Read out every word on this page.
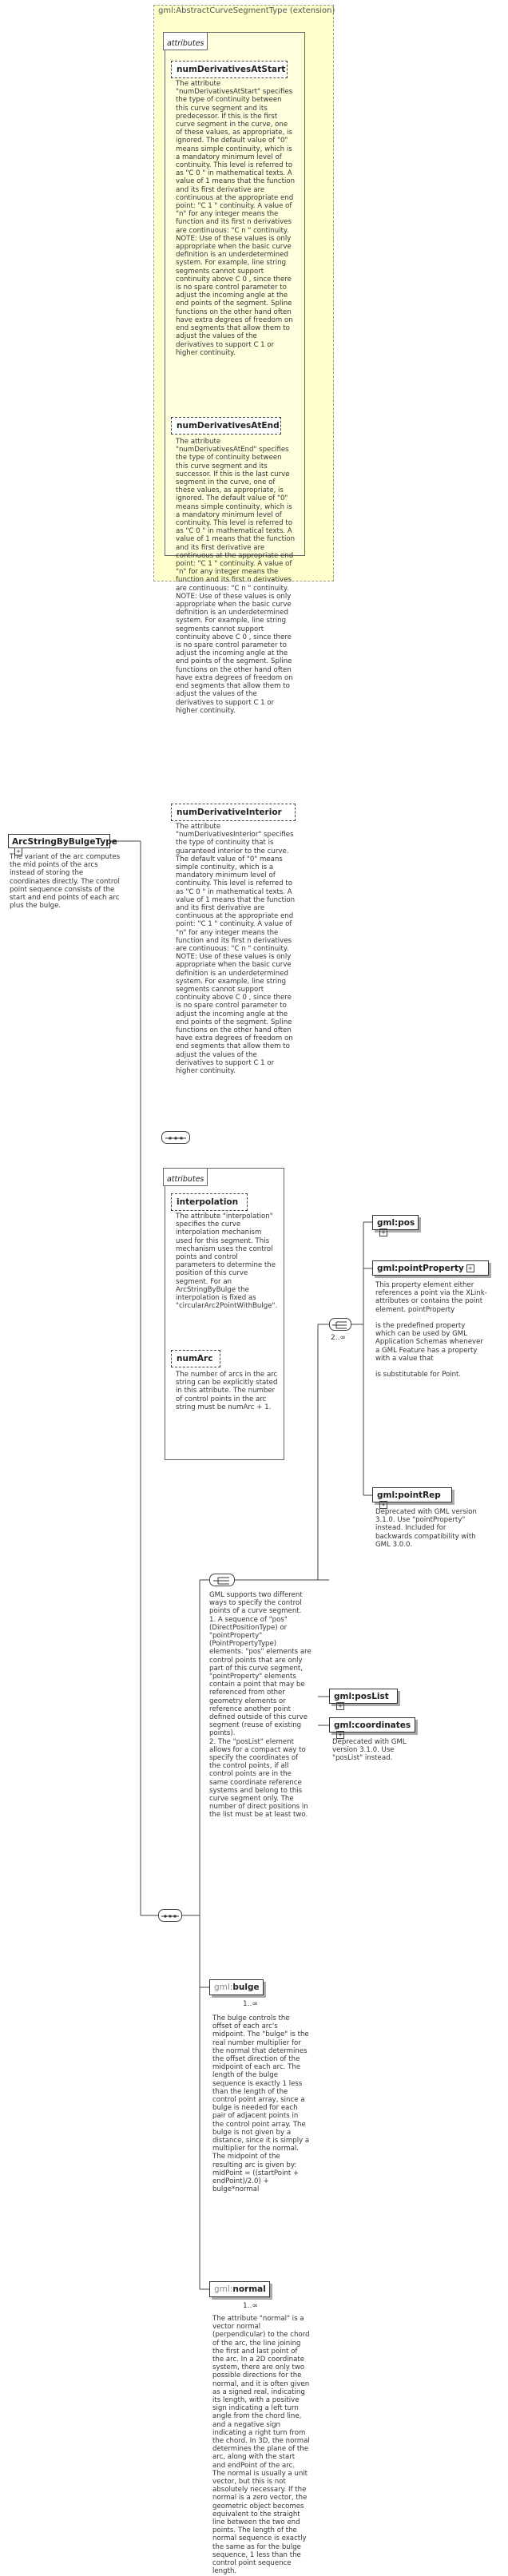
gml:AbstractCurveSegmentType (extension)
attributes
numDerivativesAtStart
The attribute "numDerivativesAtStart" specifies the type of continuity between this curve segment and its predecessor. If this is the first curve segment in the curve, one of these values, as appropriate, is ignored. The default value of "0" means simple continuity, which is a mandatory minimum level of continuity. This level is referred to as "C 0 " in mathematical texts. A value of 1 means that the function and its first derivative are continuous at the appropriate end point: "C 1 " continuity. A value of "n" for any integer means the function and its first n derivatives are continuous: "C n " continuity.
NOTE: Use of these values is only appropriate when the basic curve definition is an underdetermined system. For example, line string segments cannot support continuity above C 0 , since there is no spare control parameter to adjust the incoming angle at the end points of the segment. Spline functions on the other hand often have extra degrees of freedom on end segments that allow them to adjust the values of the derivatives to support C 1 or higher continuity.
numDerivativesAtEnd
The attribute "numDerivativesAtEnd" specifies the type of continuity between this curve segment and its successor. If this is the last curve segment in the curve, one of these values, as appropriate, is ignored. The default value of "0" means simple continuity, which is a mandatory minimum level of continuity. This level is referred to as "C 0 " in mathematical texts. A value of 1 means that the function and its first derivative are continuous at the appropriate end point: "C 1 " continuity. A value of "n" for any integer means the function and its first n derivatives are continuous: "C n " continuity.
NOTE: Use of these values is only appropriate when the basic curve definition is an underdetermined system. For example, line string segments cannot support continuity above C 0 , since there is no spare control parameter to adjust the incoming angle at the end points of the segment. Spline functions on the other hand often have extra degrees of freedom on end segments that allow them to adjust the values of the derivatives to support C 1 or higher continuity.
numDerivativeInterior
The attribute "numDerivativesInterior" specifies the type of continuity that is guaranteed interior to the curve. The default value of "0" means simple continuity, which is a mandatory minimum level of continuity. This level is referred to as "C 0 " in mathematical texts. A value of 1 means that the function and its first derivative are continuous at the appropriate end point: "C 1 " continuity. A value of "n" for any integer means the function and its first n derivatives are continuous: "C n " continuity.
NOTE: Use of these values is only appropriate when the basic curve definition is an underdetermined system. For example, line string segments cannot support continuity above C 0 , since there is no spare control parameter to adjust the incoming angle at the end points of the segment. Spline functions on the other hand often have extra degrees of freedom on end segments that allow them to adjust the values of the derivatives to support C 1 or higher continuity.
ArcStringByBulgeType+
The variant of the arc computes the mid points of the arcs instead of storing the coordinates directly. The control point sequence consists of the start and end points of each arc plus the bulge.
attributes
interpolation
The attribute "interpolation" specifies the curve interpolation mechanism used for this segment. This mechanism uses the control points and control parameters to determine the position of this curve segment. For an ArcStringByBulge the interpolation is fixed as "circularArc2PointWithBulge".
numArc
The number of arcs in the arc string can be explicitly stated in this attribute. The number of control points in the arc string must be numArc + 1.
GML supports two different ways to specify the control points of a curve segment.
1. A sequence of "pos" (DirectPositionType) or "pointProperty" (PointPropertyType) elements. "pos" elements are control points that are only part of this curve segment, "pointProperty" elements contain a point that may be referenced from other geometry elements or reference another point defined outside of this curve segment (reuse of existing points).
2. The "posList" element allows for a compact way to specify the coordinates of the control points, if all control points are in the same coordinate reference systems and belong to this curve segment only. The number of direct positions in the list must be at least two.
2..∞
gml:pos+
gml:pointProperty +
This property element either references a point via the XLink-attributes or contains the point element. pointProperty

is the predefined property which can be used by GML Application Schemas whenever a GML Feature has a property with a value that

is substitutable for Point.
gml:pointRep+
Deprecated with GML version 3.1.0. Use "pointProperty" instead. Included for backwards compatibility with GML 3.0.0.
gml:posList+
gml:coordinates+
Deprecated with GML version 3.1.0. Use "posList" instead.
gml:bulge
1..∞
The bulge controls the offset of each arc's midpoint. The "bulge" is the real number multiplier for the normal that determines the offset direction of the midpoint of each arc. The length of the bulge sequence is exactly 1 less than the length of the control point array, since a bulge is needed for each pair of adjacent points in the control point array. The bulge is not given by a distance, since it is simply a multiplier for the normal.
The midpoint of the resulting arc is given by: midPoint = ((startPoint + endPoint)/2.0) + bulge*normal
gml:normal
1..∞
The attribute "normal" is a vector normal (perpendicular) to the chord of the arc, the line joining the first and last point of the arc. In a 2D coordinate system, there are only two possible directions for the normal, and it is often given as a signed real, indicating its length, with a positive sign indicating a left turn angle from the chord line, and a negative sign indicating a right turn from the chord. In 3D, the normal determines the plane of the arc, along with the start and endPoint of the arc.
The normal is usually a unit vector, but this is not absolutely necessary. If the normal is a zero vector, the geometric object becomes equivalent to the straight line between the two end points. The length of the normal sequence is exactly the same as for the bulge sequence, 1 less than the control point sequence length.
